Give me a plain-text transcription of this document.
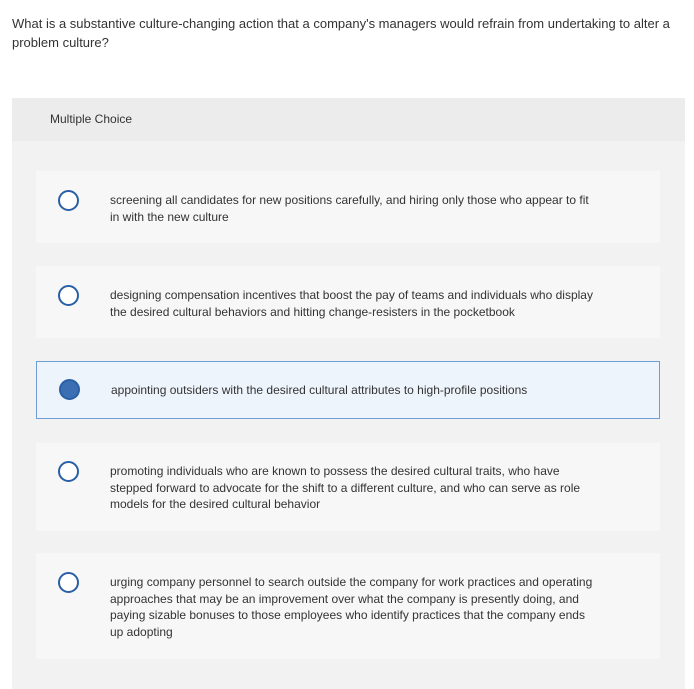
What is a substantive culture-changing action that a company's managers would refrain from undertaking to alter a problem culture?
Multiple Choice
screening all candidates for new positions carefully, and hiring only those who appear to fit in with the new culture
designing compensation incentives that boost the pay of teams and individuals who display the desired cultural behaviors and hitting change-resisters in the pocketbook
appointing outsiders with the desired cultural attributes to high-profile positions
promoting individuals who are known to possess the desired cultural traits, who have stepped forward to advocate for the shift to a different culture, and who can serve as role models for the desired cultural behavior
urging company personnel to search outside the company for work practices and operating approaches that may be an improvement over what the company is presently doing, and paying sizable bonuses to those employees who identify practices that the company ends up adopting
